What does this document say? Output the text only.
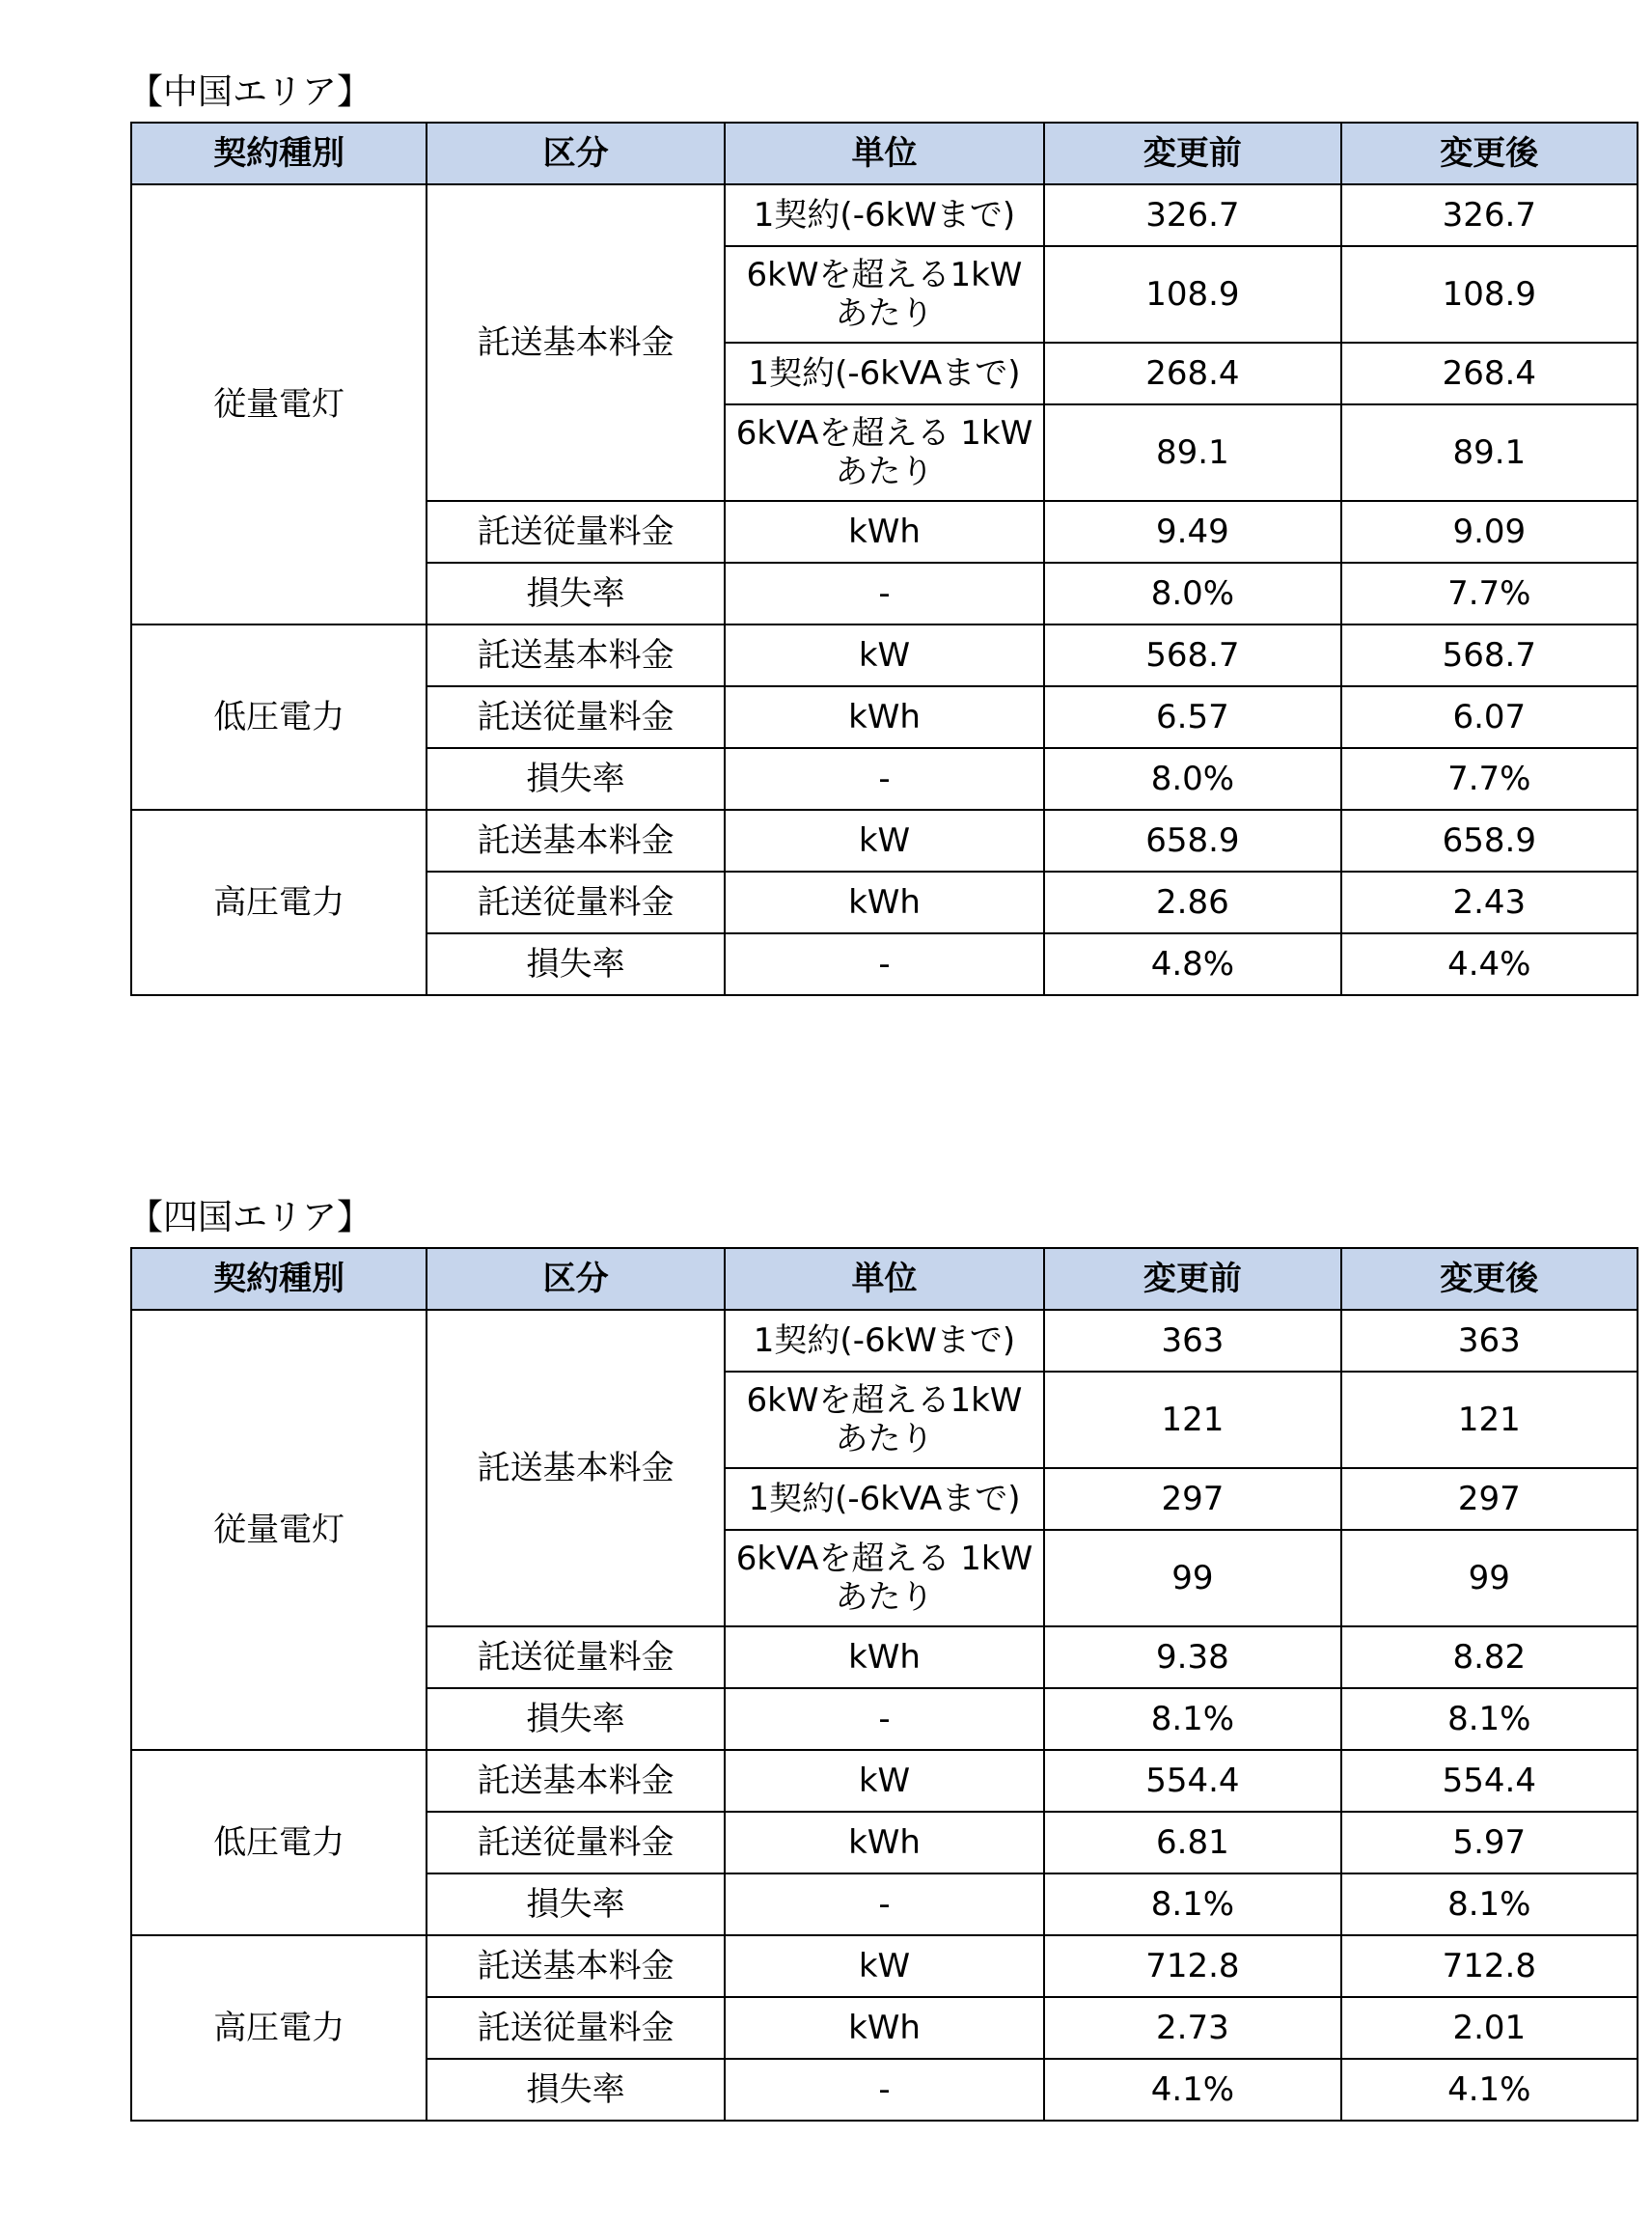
【中国エリア】
契約種別	区分	単位	変更前	変更後
従量電灯	託送基本料金	1契約(-6kWまで)	326.7	326.7
		6kWを超える1kW あたり	108.9	108.9
		1契約(-6kVAまで)	268.4	268.4
		6kVAを超える 1kWあたり	89.1	89.1
	託送従量料金	kWh	9.49	9.09
	損失率	-	8.0%	7.7%
低圧電力	託送基本料金	kW	568.7	568.7
	託送従量料金	kWh	6.57	6.07
	損失率	-	8.0%	7.7%
高圧電力	託送基本料金	kW	658.9	658.9
	託送従量料金	kWh	2.86	2.43
	損失率	-	4.8%	4.4%
【四国エリア】
契約種別	区分	単位	変更前	変更後
従量電灯	託送基本料金	1契約(-6kWまで)	363	363
		6kWを超える1kW あたり	121	121
		1契約(-6kVAまで)	297	297
		6kVAを超える 1kWあたり	99	99
	託送従量料金	kWh	9.38	8.82
	損失率	-	8.1%	8.1%
低圧電力	託送基本料金	kW	554.4	554.4
	託送従量料金	kWh	6.81	5.97
	損失率	-	8.1%	8.1%
高圧電力	託送基本料金	kW	712.8	712.8
	託送従量料金	kWh	2.73	2.01
	損失率	-	4.1%	4.1%
